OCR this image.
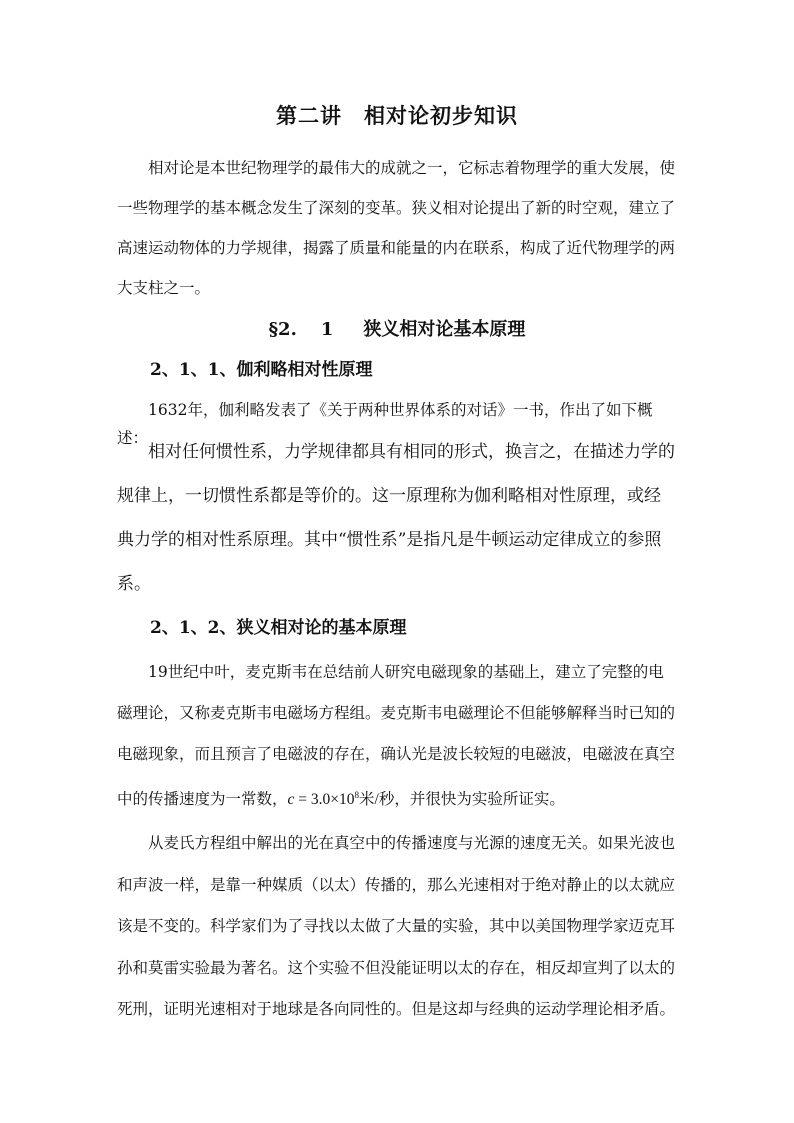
第二讲 相对论初步知识

相对论是本世纪物理学的最伟大的成就之一，它标志着物理学的重大发展，使一些物理学的基本概念发生了深刻的变革。狭义相对论提出了新的时空观，建立了高速运动物体的力学规律，揭露了质量和能量的内在联系，构成了近代物理学的两大支柱之一。

§2. 1 狭义相对论基本原理
2、1、1、伽利略相对性原理

1632年，伽利略发表了《关于两种世界体系的对话》一书，作出了如下概述：

相对任何惯性系，力学规律都具有相同的形式，换言之，在描述力学的规律上，一切惯性系都是等价的。这一原理称为伽利略相对性原理，或经典力学的相对性系原理。其中“惯性系”是指凡是牛顿运动定律成立的参照系。

2、1、2、狭义相对论的基本原理

19世纪中叶，麦克斯韦在总结前人研究电磁现象的基础上，建立了完整的电磁理论，又称麦克斯韦电磁场方程组。麦克斯韦电磁理论不但能够解释当时已知的电磁现象，而且预言了电磁波的存在，确认光是波长较短的电磁波，电磁波在真空中的传播速度为一常数，$c = 3.0\times 10^8$米/秒，并很快为实验所证实。

从麦氏方程组中解出的光在真空中的传播速度与光源的速度无关。如果光波也和声波一样，是靠一种媒质（以太）传播的，那么光速相对于绝对静止的以太就应该是不变的。科学家们为了寻找以太做了大量的实验，其中以美国物理学家迈克耳孙和莫雷实验最为著名。这个实验不但没能证明以太的存在，相反却宣判了以太的死刑，证明光速相对于地球是各向同性的。但是这却与经典的运动学理论相矛盾。
